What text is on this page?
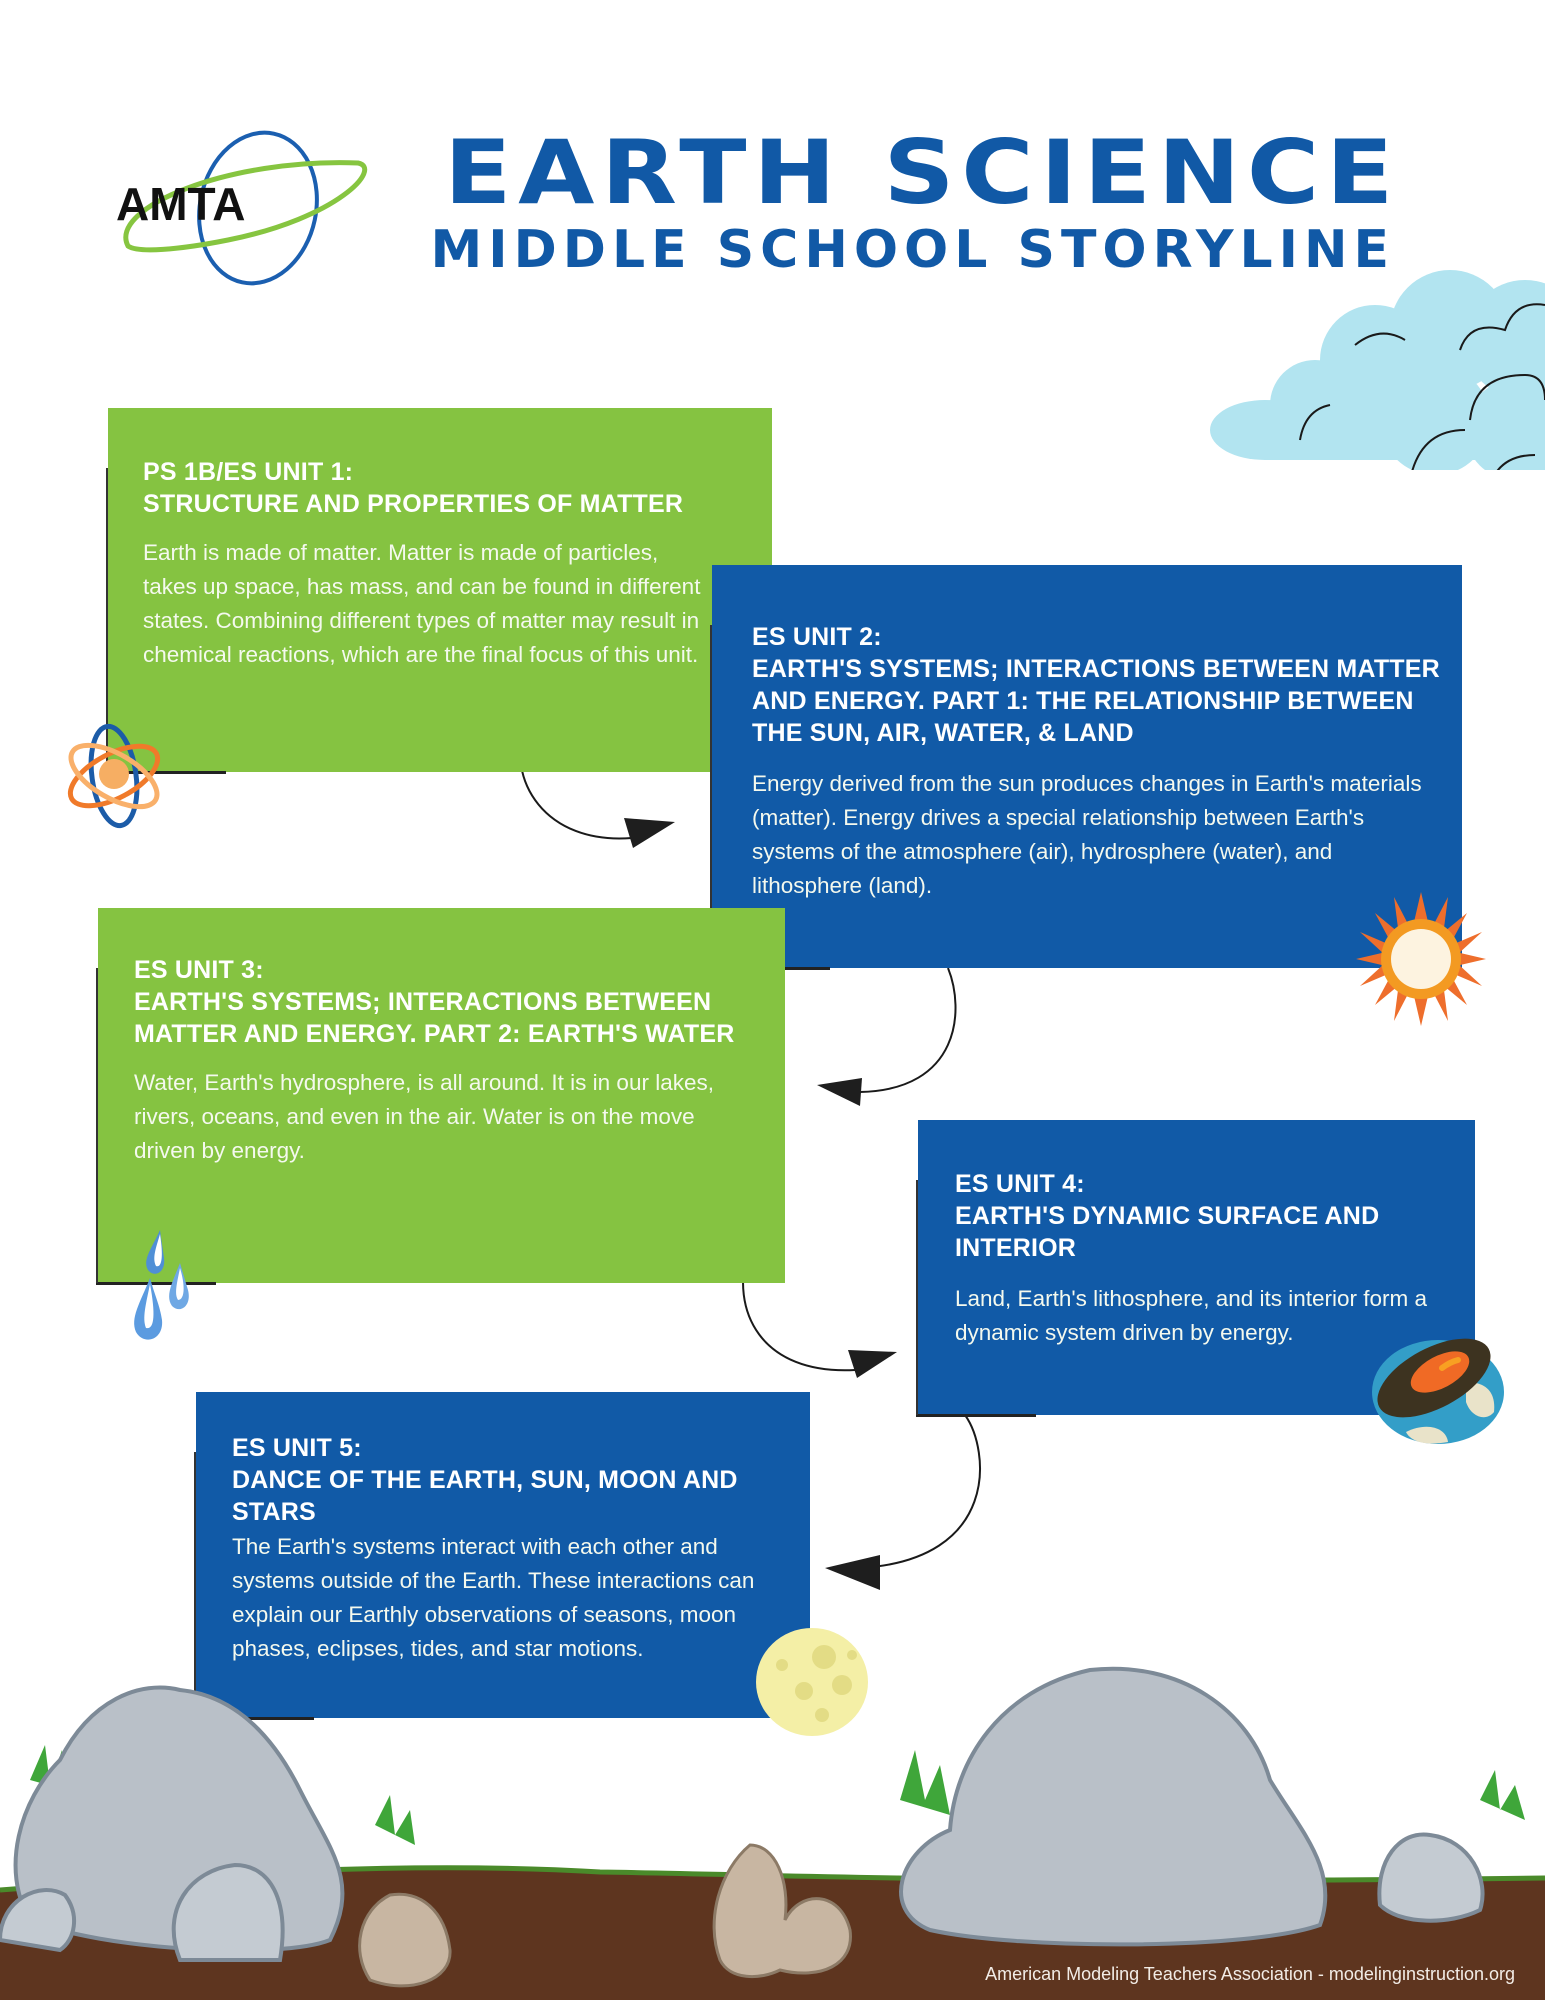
AMTA	EARTH SCIENCE
MIDDLE SCHOOL STORYLINE
PS 1B/ES UNIT 1:
STRUCTURE AND PROPERTIES OF MATTER

Earth is made of matter. Matter is made of particles, takes up space, has mass, and can be found in different states. Combining different types of matter may result in chemical reactions, which are the final focus of this unit.

ES UNIT 2:
EARTH'S SYSTEMS; INTERACTIONS BETWEEN MATTER AND ENERGY. PART 1: THE RELATIONSHIP BETWEEN THE SUN, AIR, WATER, & LAND

Energy derived from the sun produces changes in Earth's materials (matter). Energy drives a special relationship between Earth's systems of the atmosphere (air), hydrosphere (water), and lithosphere (land).

ES UNIT 3:
EARTH'S SYSTEMS; INTERACTIONS BETWEEN MATTER AND ENERGY. PART 2: EARTH'S WATER

Water, Earth's hydrosphere, is all around. It is in our lakes, rivers, oceans, and even in the air. Water is on the move driven by energy.

ES UNIT 4:
EARTH'S DYNAMIC SURFACE AND INTERIOR

Land, Earth's lithosphere, and its interior form a dynamic system driven by energy.

ES UNIT 5:
DANCE OF THE EARTH, SUN, MOON AND STARS

The Earth's systems interact with each other and systems outside of the Earth. These interactions can explain our Earthly observations of seasons, moon phases, eclipses, tides, and star motions.

American Modeling Teachers Association - modelinginstruction.org
